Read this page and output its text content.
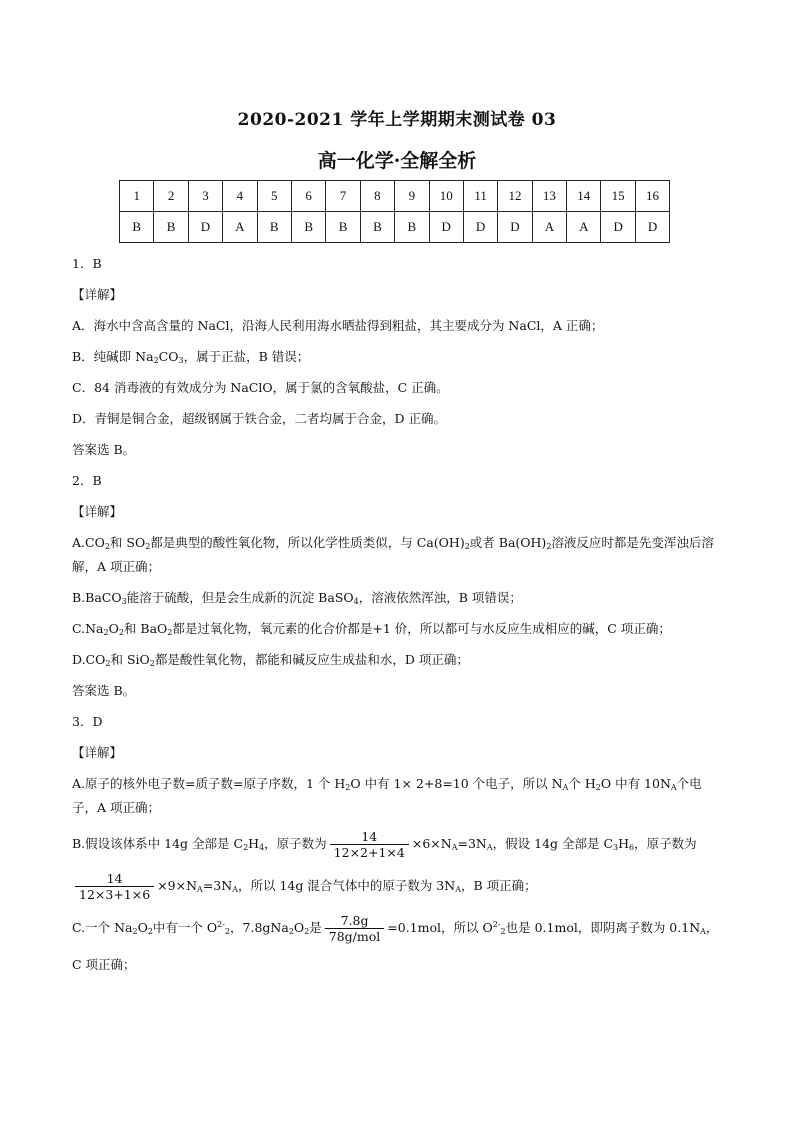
2020-2021 学年上学期期末测试卷 03
高一化学·全解全析
1	2	3	4	5	6	7	8	9	10	11	12	13	14	15	16
B	B	D	A	B	B	B	B	B	D	D	D	A	A	D	D
1．B
【详解】
A．海水中含高含量的 NaCl，沿海人民利用海水晒盐得到粗盐，其主要成分为 NaCl，A 正确；
B．纯碱即 $Na_2CO_3$，属于正盐，B 错误；
C．84 消毒液的有效成分为 NaClO，属于氯的含氧酸盐，C 正确。
D．青铜是铜合金，超级钢属于铁合金，二者均属于合金，D 正确。
答案选 B。
2．B
【详解】
$A.CO_2$和 $SO_2$都是典型的酸性氧化物，所以化学性质类似，与 $Ca(OH)_2$或者 $Ba(OH)_2$溶液反应时都是先变浑浊后溶解，A 项正确；
B.BaCO$_3$能溶于硫酸，但是会生成新的沉淀 BaSO$_4$，溶液依然浑浊，B 项错误；
$C.Na_2O_2$和 BaO$_2$都是过氧化物，氧元素的化合价都是+1 价，所以都可与水反应生成相应的碱，C 项正确；
$D.CO_2$和 SiO$_2$都是酸性氧化物，都能和碱反应生成盐和水，D 项正确；
答案选 B。
3．D
【详解】
A.原子的核外电子数=质子数=原子序数，1 个 $H_2O$ 中有 1× 2+8=10 个电子，所以 $N_A$个 $H_2O$ 中有 $10N_A$个电子，A 项正确；
B.假设该体系中 14g 全部是 $C_2H_4$，原子数为 $\frac{14}{12\times 2+1\times 4} \times 6\times N_A=3N_A$，假设 14g 全部是 $C_3H_6$，原子数为
$\frac{14}{12\times 3+1\times 6} \times 9\times N_A=3N_A$，所以 14g 混合气体中的原子数为 $3N_A$，B 项正确；
C.一个 $Na_2O_2$中有一个 $O^{2-}_2$，$7.8gNa_2O_2$是 $\frac{7.8g}{\text{78g/mol}} =0.1mol$，所以 $O^{2-}_2$也是 0.1mol，即阴离子数为 $0.1N_A$，
C 项正确；
